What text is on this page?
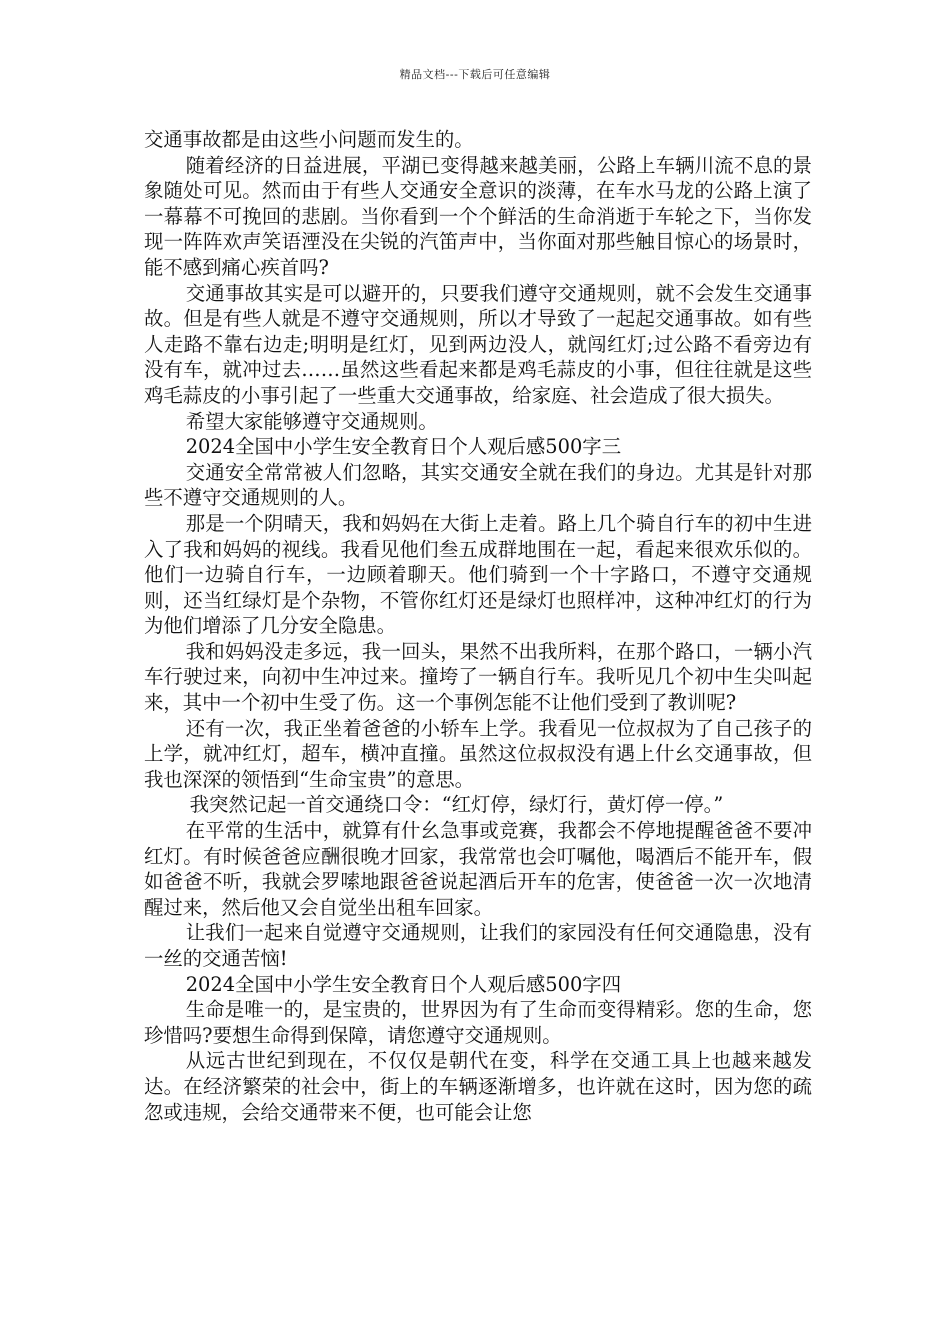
精品文档---下载后可任意编辑

交通事故都是由这些小问题而发生的。

随着经济的日益进展，平湖已变得越来越美丽，公路上车辆川流不息的景象随处可见。然而由于有些人交通安全意识的淡薄，在车水马龙的公路上演了一幕幕不可挽回的悲剧。当你看到一个个鲜活的生命消逝于车轮之下，当你发现一阵阵欢声笑语湮没在尖锐的汽笛声中，当你面对那些触目惊心的场景时，能不感到痛心疾首吗?

交通事故其实是可以避开的，只要我们遵守交通规则，就不会发生交通事故。但是有些人就是不遵守交通规则，所以才导致了一起起交通事故。如有些人走路不靠右边走;明明是红灯，见到两边没人，就闯红灯;过公路不看旁边有没有车，就冲过去……虽然这些看起来都是鸡毛蒜皮的小事，但往往就是这些鸡毛蒜皮的小事引起了一些重大交通事故，给家庭、社会造成了很大损失。

希望大家能够遵守交通规则。

2024全国中小学生安全教育日个人观后感500字三

交通安全常常被人们忽略，其实交通安全就在我们的身边。尤其是针对那些不遵守交通规则的人。

那是一个阴晴天，我和妈妈在大街上走着。路上几个骑自行车的初中生进入了我和妈妈的视线。我看见他们叁五成群地围在一起，看起来很欢乐似的。他们一边骑自行车，一边顾着聊天。他们骑到一个十字路口，不遵守交通规则，还当红绿灯是个杂物，不管你红灯还是绿灯也照样冲，这种冲红灯的行为为他们增添了几分安全隐患。

我和妈妈没走多远，我一回头，果然不出我所料，在那个路口，一辆小汽车行驶过来，向初中生冲过来。撞垮了一辆自行车。我听见几个初中生尖叫起来，其中一个初中生受了伤。这一个事例怎能不让他们受到了教训呢?

还有一次，我正坐着爸爸的小轿车上学。我看见一位叔叔为了自己孩子的上学，就冲红灯，超车，横冲直撞。虽然这位叔叔没有遇上什幺交通事故，但我也深深的领悟到“生命宝贵”的意思。

我突然记起一首交通绕口令：“红灯停，绿灯行，黄灯停一停。”

在平常的生活中，就算有什幺急事或竞赛，我都会不停地提醒爸爸不要冲红灯。有时候爸爸应酬很晚才回家，我常常也会叮嘱他，喝酒后不能开车，假如爸爸不听，我就会罗嗦地跟爸爸说起酒后开车的危害，使爸爸一次一次地清醒过来，然后他又会自觉坐出租车回家。

让我们一起来自觉遵守交通规则，让我们的家园没有任何交通隐患，没有一丝的交通苦恼!

2024全国中小学生安全教育日个人观后感500字四

生命是唯一的，是宝贵的，世界因为有了生命而变得精彩。您的生命，您珍惜吗?要想生命得到保障，请您遵守交通规则。

从远古世纪到现在，不仅仅是朝代在变，科学在交通工具上也越来越发达。在经济繁荣的社会中，街上的车辆逐渐增多，也许就在这时，因为您的疏忽或违规，会给交通带来不便，也可能会让您
